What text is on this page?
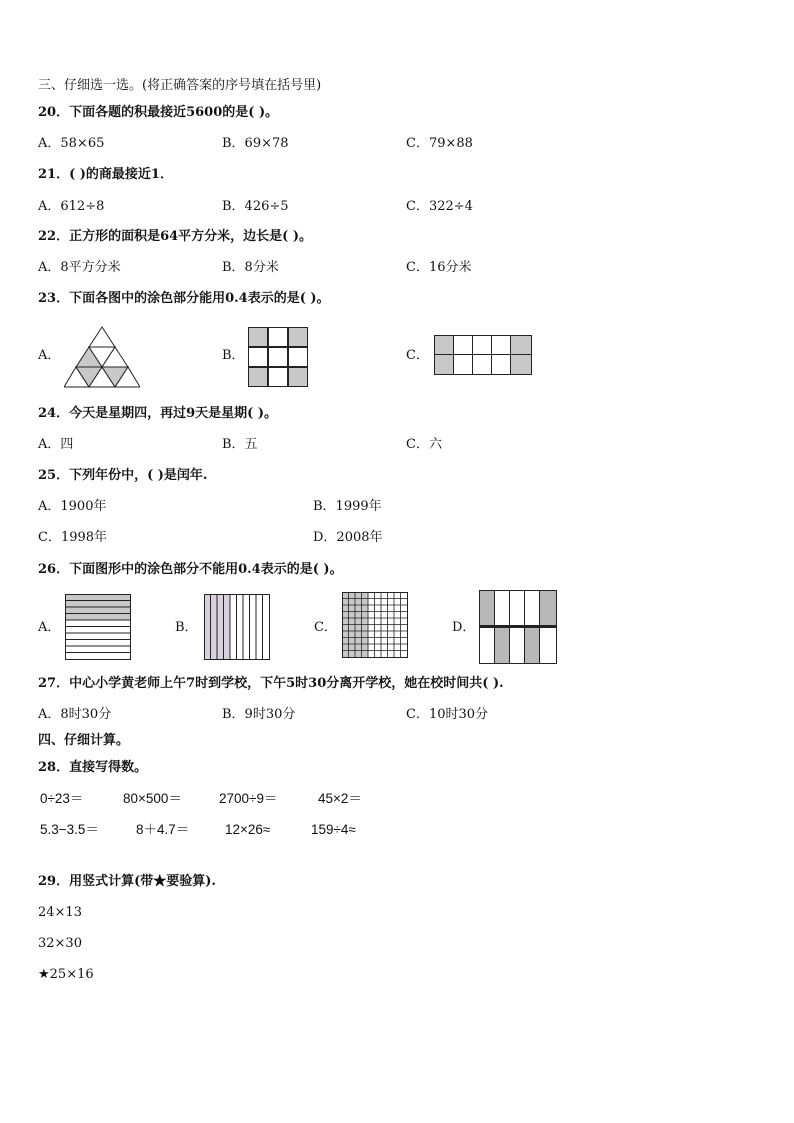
三、仔细选一选。(将正确答案的序号填在括号里)
20．下面各题的积最接近5600的是( )。
A．58×65	B．69×78	C．79×88
21．( )的商最接近1．
A．612÷8	B．426÷5	C．322÷4
22．正方形的面积是64平方分米，边长是( )。
A．8平方分米	B．8分米	C．16分米
23．下面各图中的涂色部分能用0.4表示的是( )。
A．	B．	C．
24．今天是星期四，再过9天是星期( )。
A．四	B．五	C．六
25．下列年份中，( )是闰年.
A．1900年	B．1999年
C．1998年	D．2008年
26．下面图形中的涂色部分不能用0.4表示的是( )。
A．	B．	C．	D．
27．中心小学黄老师上午7时到学校，下午5时30分离开学校，她在校时间共( ).
A．8时30分	B．9时30分	C．10时30分
四、仔细计算。
28．直接写得数。
0÷23＝	80×500＝	2700÷9＝	45×2＝
5.3−3.5＝	8＋4.7＝	12×26≈	159÷4≈
29．用竖式计算(带★要验算).
24×13
32×30
★25×16
